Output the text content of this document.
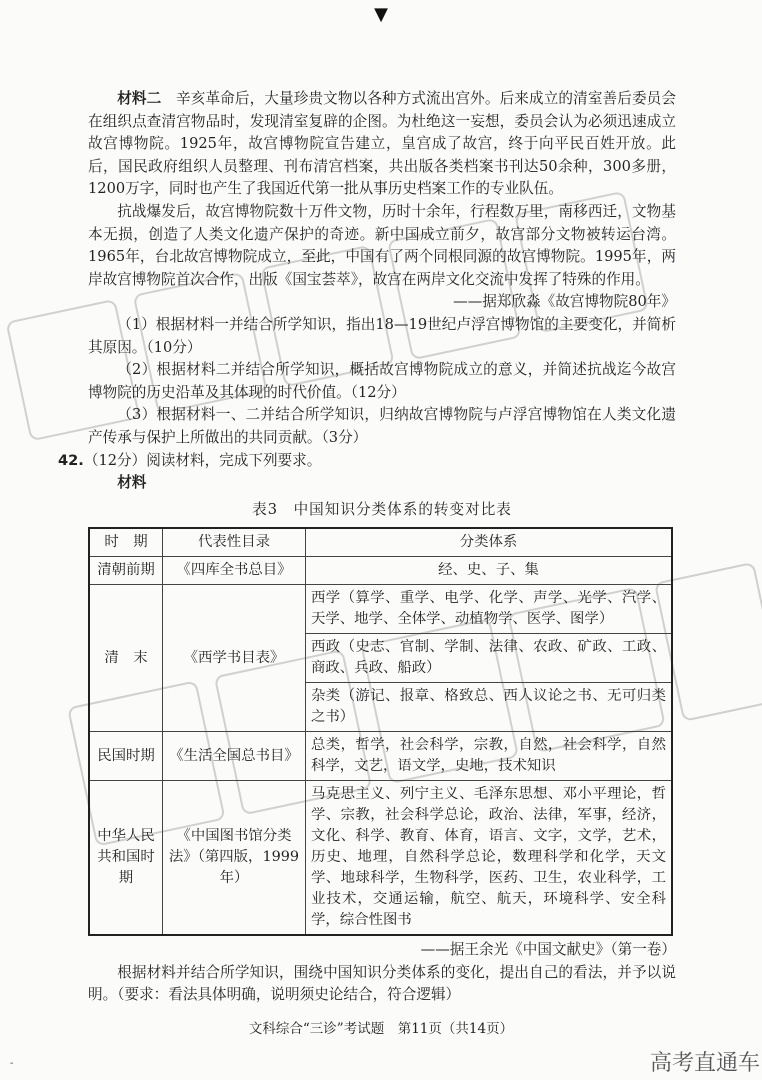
▼

材料二　 辛亥革命后，大量珍贵文物以各种方式流出宫外。后来成立的清室善后委员会在组织点查清宫物品时，发现清室复辟的企图。为杜绝这一妄想，委员会认为必须迅速成立故宫博物院。1925年，故宫博物院宣告建立，皇宫成了故宫，终于向平民百姓开放。此后，国民政府组织人员整理、刊布清宫档案，共出版各类档案书刊达50余种，300多册，1200万字，同时也产生了我国近代第一批从事历史档案工作的专业队伍。

抗战爆发后，故宫博物院数十万件文物，历时十余年，行程数万里，南移西迁，文物基本无损，创造了人类文化遗产保护的奇迹。新中国成立前夕，故宫部分文物被转运台湾。1965年，台北故宫博物院成立，至此，中国有了两个同根同源的故宫博物院。1995年，两岸故宫博物院首次合作，出版《国宝荟萃》，故宫在两岸文化交流中发挥了特殊的作用。

——据郑欣淼《故宫博物院80年》

（1）根据材料一并结合所学知识，指出18—19世纪卢浮宫博物馆的主要变化，并简析其原因。（10分）

（2）根据材料二并结合所学知识，概括故宫博物院成立的意义，并简述抗战迄今故宫博物院的历史沿革及其体现的时代价值。（12分）

（3）根据材料一、二并结合所学知识，归纳故宫博物院与卢浮宫博物馆在人类文化遗产传承与保护上所做出的共同贡献。（3分）

42.（12分）阅读材料，完成下列要求。

材料

表3　中国知识分类体系的转变对比表

时　期	代表性目录	分类体系
清朝前期	《四库全书总目》	经、史、子、集
清　末	《西学书目表》	西学（算学、重学、电学、化学、声学、光学、汽学、天学、地学、全体学、动植物学、医学、图学）
		西政（史志、官制、学制、法律、农政、矿政、工政、商政、兵政、船政）
		杂类（游记、报章、格致总、西人议论之书、无可归类之书）
民国时期	《生活全国总书目》	总类，哲学，社会科学，宗教，自然，社会科学，自然科学，文艺，语文学，史地，技术知识
中华人民共和国时期	《中国图书馆分类法》（第四版，1999年）	马克思主义、列宁主义、毛泽东思想、邓小平理论，哲学、宗教，社会科学总论，政治、法律，军事，经济，文化、科学、教育、体育，语言、文字，文学，艺术，历史、地理，自然科学总论，数理科学和化学，天文学、地球科学，生物科学，医药、卫生，农业科学，工业技术，交通运输，航空、航天，环境科学、安全科学，综合性图书

——据王余光《中国文献史》（第一卷）

根据材料并结合所学知识，围绕中国知识分类体系的变化，提出自己的看法，并予以说明。（要求：看法具体明确，说明须史论结合，符合逻辑）

文科综合“三诊”考试题　第11页（共14页）
高考直通车
-
